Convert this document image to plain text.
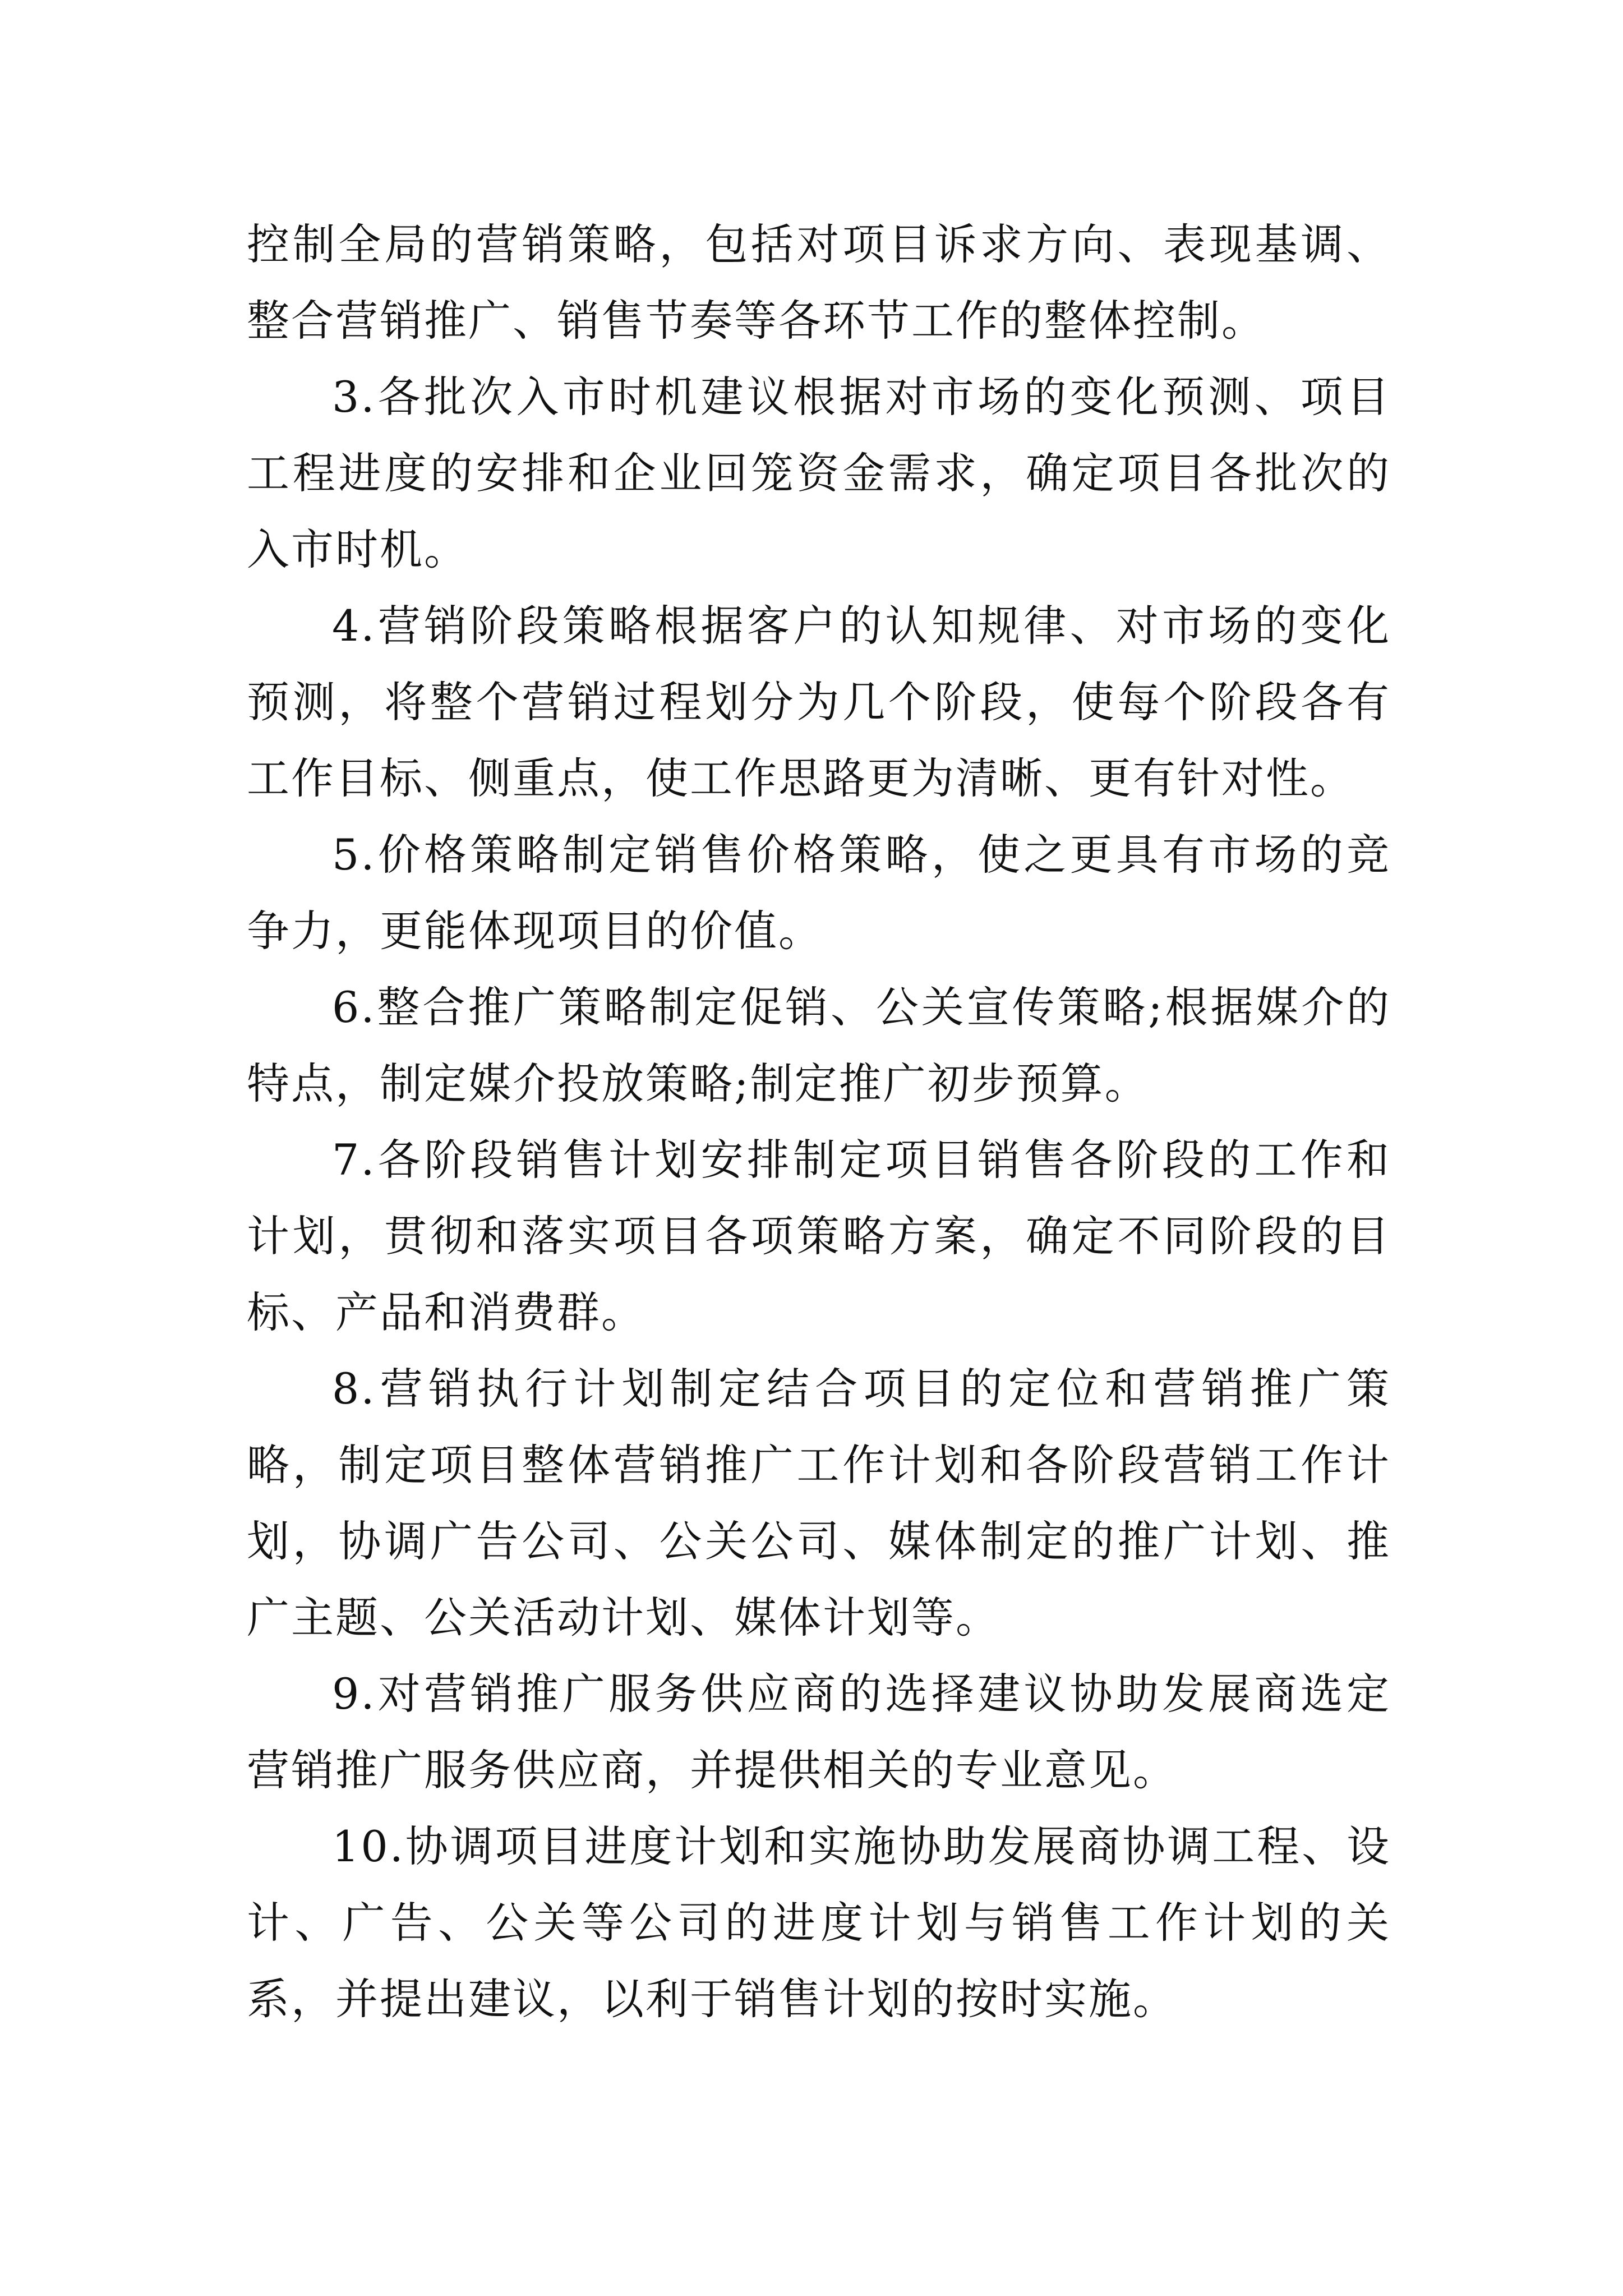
控制全局的营销策略，包括对项目诉求方向、表现基调、整合营销推广、销售节奏等各环节工作的整体控制。

3.各批次入市时机建议根据对市场的变化预测、项目工程进度的安排和企业回笼资金需求，确定项目各批次的入市时机。

4.营销阶段策略根据客户的认知规律、对市场的变化预测，将整个营销过程划分为几个阶段，使每个阶段各有工作目标、侧重点，使工作思路更为清晰、更有针对性。

5.价格策略制定销售价格策略，使之更具有市场的竞争力，更能体现项目的价值。

6.整合推广策略制定促销、公关宣传策略;根据媒介的特点，制定媒介投放策略;制定推广初步预算。

7.各阶段销售计划安排制定项目销售各阶段的工作和计划，贯彻和落实项目各项策略方案，确定不同阶段的目标、产品和消费群。

8.营销执行计划制定结合项目的定位和营销推广策略，制定项目整体营销推广工作计划和各阶段营销工作计划，协调广告公司、公关公司、媒体制定的推广计划、推广主题、公关活动计划、媒体计划等。

9.对营销推广服务供应商的选择建议协助发展商选定营销推广服务供应商，并提供相关的专业意见。

10.协调项目进度计划和实施协助发展商协调工程、设计、广告、公关等公司的进度计划与销售工作计划的关系，并提出建议，以利于销售计划的按时实施。
